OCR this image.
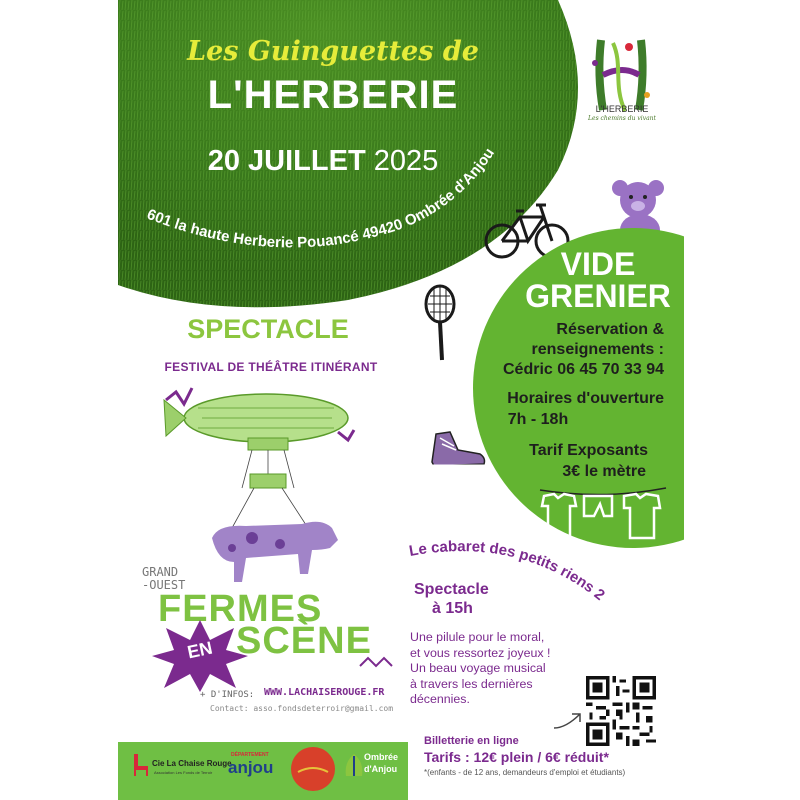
Les Guinguettes de
L'HERBERIE
20 JUILLET 2025
601 la haute Herberie Pouancé 49420 Ombrée d'Anjou
L'HERBERIE
Les chemins du vivant
VIDE
GRENIER
Réservation &
renseignements :
Cédric 06 45 70 33 94
Horaires d'ouverture
7h - 18h
Tarif Exposants
3€ le mètre
SPECTACLE
FESTIVAL DE THÉÂTRE ITINÉRANT
GRAND
-OUEST
FERMES
EN SCÈNE
+ D'INFOS: WWW.LACHAISEROUGE.FR
Contact: asso.fondsdeterroir@gmail.com
Le cabaret des petits riens 2
Spectacle
à 15h
Une pilule pour le moral,
et vous ressortez joyeux !
Un beau voyage musical
à travers les dernières
décennies.
Billetterie en ligne
Tarifs : 12€ plein / 6€ réduit*
*(enfants - de 12 ans, demandeurs d'emploi et étudiants)
Cie La Chaise Rouge
Association Les Fonds de Terroir
DÉPARTEMENT
anjou
Ombrée
d'Anjou
